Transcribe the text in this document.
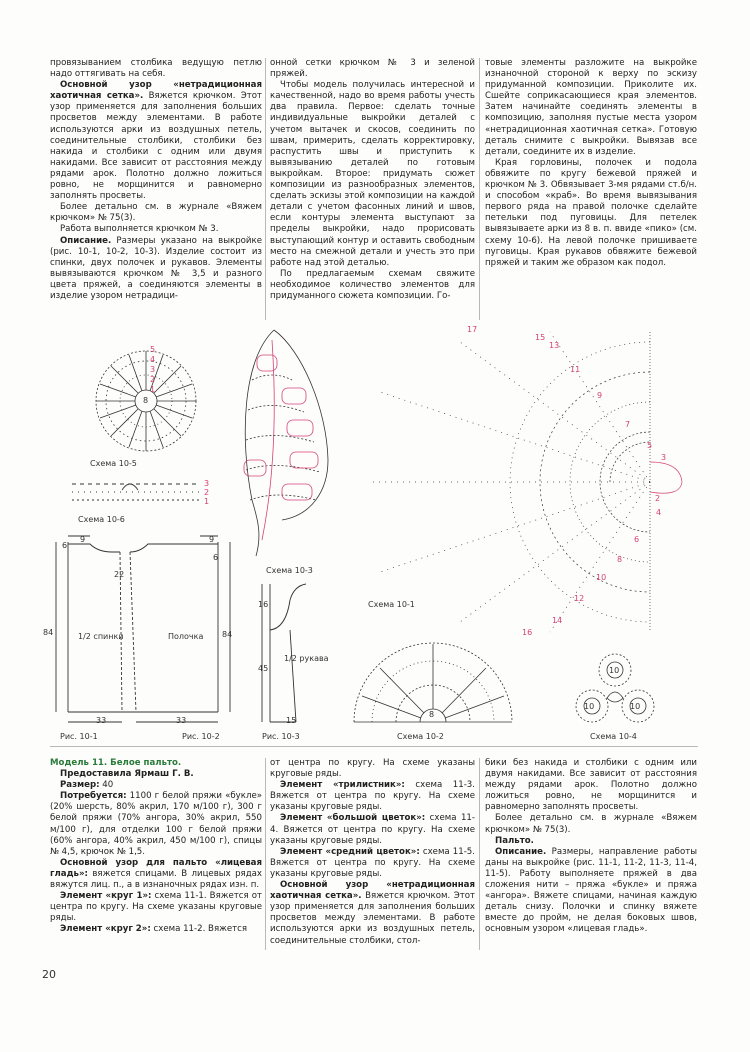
провязыванием столбика ведущую петлю надо оттягивать на себя.

Основной узор «нетрадиционная хаотичная сетка». Вяжется крючком. Этот узор применяется для заполнения больших просветов между элементами. В работе используются арки из воздушных петель, соединительные столбики, столбики без накида и столбики с одним или двумя накидами. Все зависит от расстояния между рядами арок. Полотно должно ложиться ровно, не морщинится и равномерно заполнять просветы.

Более детально см. в журнале «Вяжем крючком» № 75(3).

Работа выполняется крючком № 3.

Описание. Размеры указано на выкройке (рис. 10-1, 10-2, 10-3). Изделие состоит из спинки, двух полочек и рукавов. Элементы вывязываются крючком № 3,5 и разного цвета пряжей, а соединяются элементы в изделие узором нетрадици-

онной сетки крючком № 3 и зеленой пряжей.

Чтобы модель получилась интересной и качественной, надо во время работы учесть два правила. Первое: сделать точные индивидуальные выкройки деталей с учетом вытачек и скосов, соединить по швам, примерить, сделать корректировку, распустить швы и приступить к вывязыванию деталей по готовым выкройкам. Второе: придумать сюжет композиции из разнообразных элементов, сделать эскизы этой композиции на каждой детали с учетом фасонных линий и швов, если контуры элемента выступают за пределы выкройки, надо прорисовать выступающий контур и оставить свободным место на смежной детали и учесть это при работе над этой деталью.

По предлагаемым схемам свяжите необходимое количество элементов для придуманного сюжета композиции. Го-

товые элементы разложите на выкройке изнаночной стороной к верху по эскизу придуманной композиции. Приколите их. Сшейте соприкасающиеся края элементов. Затем начинайте соединять элементы в композицию, заполняя пустые места узором «нетрадиционная хаотичная сетка». Готовую деталь снимите с выкройки. Вывязав все детали, соедините их в изделие.

Края горловины, полочек и подола обвяжите по кругу бежевой пряжей и крючком № 3. Обвязывает 3-мя рядами ст.б/н. и способом «краб». Во время вывязывания первого ряда на правой полочке сделайте петельки под пуговицы. Для петелек вывязываете арки из 8 в. п. ввиде «пико» (см. схему 10-6). На левой полочке пришиваете пуговицы. Края рукавов обвяжите бежевой пряжей и таким же образом как подол.

8
1
2
3
4
5
Схема 10-5
3
2
1
Схема 10-6
Схема 10-3
Схема 10-1
17
15
13
11
9
7
5
3
2
4
6
8
10
12
14
16
9
6
9
6
22
84	84
1/2 спинки	Полочка
33	33
Рис. 10-1	Рис. 10-2
16
45
1/2 рукава
15
Рис. 10-3
8
Схема 10-2
10
10	10
Схема 10-4

Модель 11. Белое пальто.

Предоставила Ярмаш Г. В.

Размер: 40

Потребуется: 1100 г белой пряжи «букле» (20% шерсть, 80% акрил, 170 м/100 г), 300 г белой пряжи (70% ангора, 30% акрил, 550 м/100 г), для отделки 100 г белой пряжи (60% ангора, 40% акрил, 450 м/100 г), спицы № 4,5, крючок № 1,5.

Основной узор для пальто «лицевая гладь»: вяжется спицами. В лицевых рядах вяжутся лиц. п., а в изнаночных рядах изн. п.

Элемент «круг 1»: схема 11-1. Вяжется от центра по кругу. На схеме указаны круговые ряды.

Элемент «круг 2»: схема 11-2. Вяжется

от центра по кругу. На схеме указаны круговые ряды.

Элемент «трилистник»: схема 11-3. Вяжется от центра по кругу. На схеме указаны круговые ряды.

Элемент «большой цветок»: схема 11-4. Вяжется от центра по кругу. На схеме указаны круговые ряды.

Элемент «средний цветок»: схема 11-5. Вяжется от центра по кругу. На схеме указаны круговые ряды.

Основной узор «нетрадиционная хаотичная сетка». Вяжется крючком. Этот узор применяется для заполнения больших просветов между элементами. В работе используются арки из воздушных петель, соединительные столбики, стол-

бики без накида и столбики с одним или двумя накидами. Все зависит от расстояния между рядами арок. Полотно должно ложиться ровно, не морщинится и равномерно заполнять просветы.

Более детально см. в журнале «Вяжем крючком» № 75(3).

Пальто.

Описание. Размеры, направление работы даны на выкройке (рис. 11-1, 11-2, 11-3, 11-4, 11-5). Работу выполняете пряжей в два сложения нити – пряжа «букле» и пряжа «ангора». Вяжете спицами, начиная каждую деталь снизу. Полочки и спинку вяжете вместе до пройм, не делая боковых швов, основным узором «лицевая гладь».

20
